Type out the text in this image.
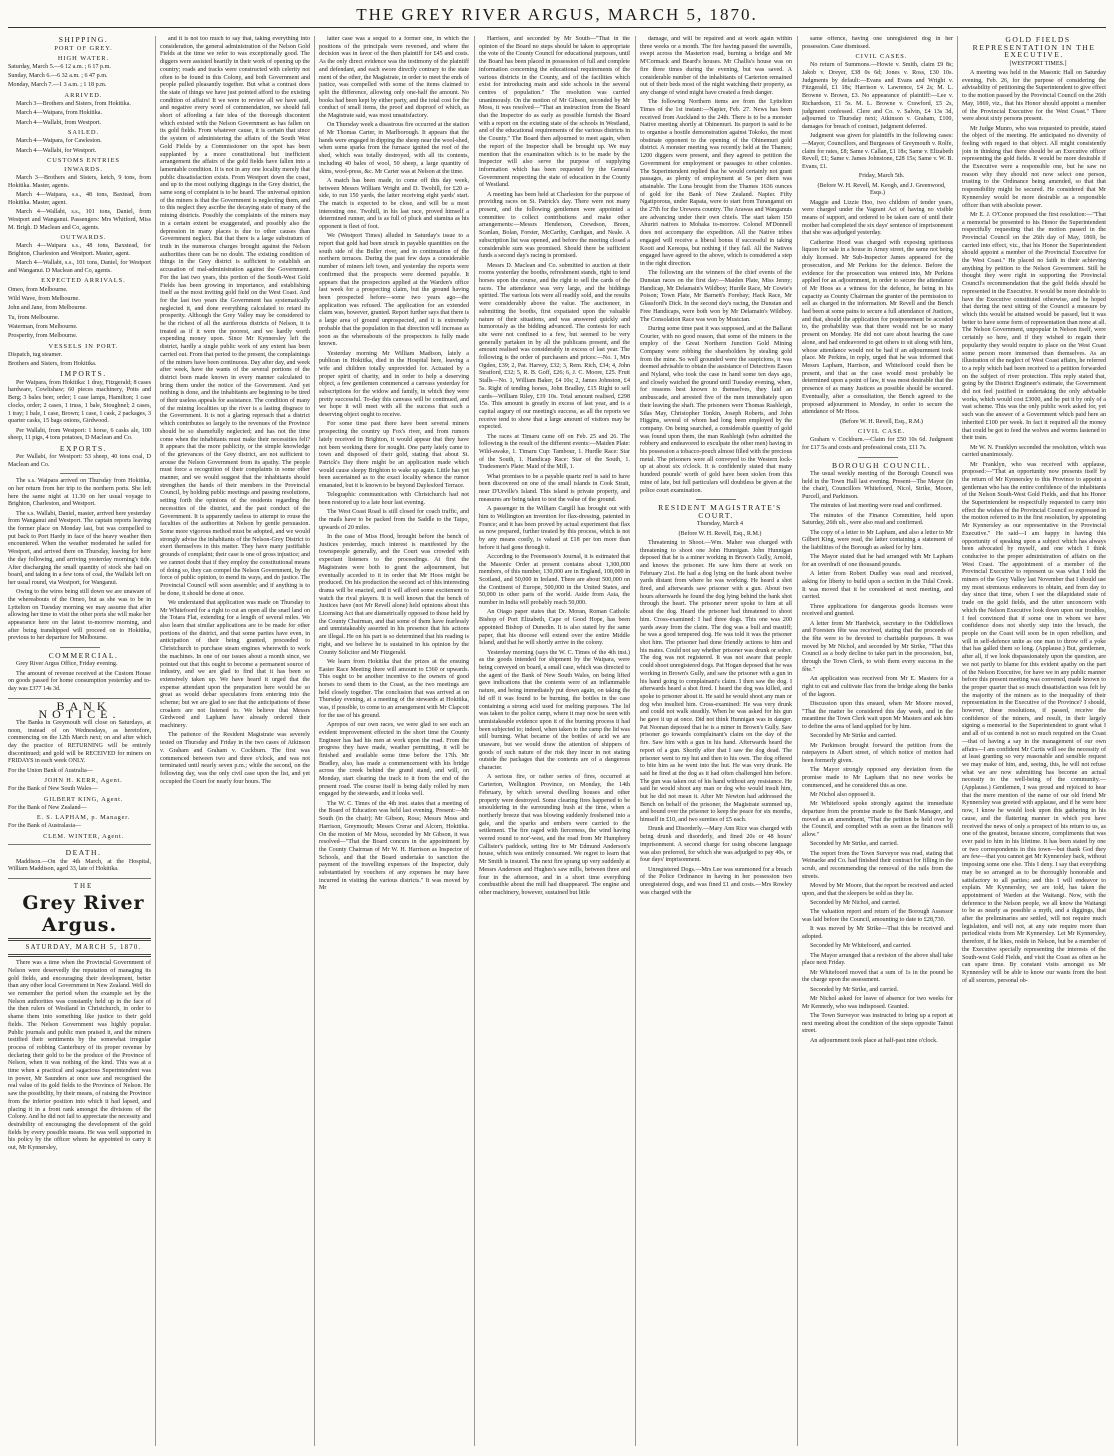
THE GREY RIVER ARGUS, MARCH 5, 1870.

SHIPPING.

PORT OF GREY.

HIGH WATER.

Saturday, March 5.—6 12 a.m. ; 6 17 p.m.

Sunday, March 6.—6 32 a.m. ; 6 47 p.m.

Monday, March 7.—1 3 a.m. ; 1 18 p.m.

ARRIVED.

March 3—Brothers and Sisters, from Hokitika.

March 4—Waipara, from Hokitika.

March 4—Wallabi, from Westport.

SAILED.

March 4—Waipara, for Cawleston.

March 4—Wallabi, for Westport.

CUSTOMS ENTRIES

INWARDS.

March 3—Brothers and Sisters, ketch, 9 tons, from Hokitika. Master, agents.

March 4—Waipara, s.s., 48 tons, Baxtead, from Hokitika. Master, agent.

March 4—Wallabi, s.s., 101 tons, Daniel, from Westport and Wanganui. Passengers: Mrs Whitford, Miss M. Brigh. D Maclean and Co, agents.

OUTWARDS.

March 4—Waipara s.s., 48 tons, Baxstead, for Brighton, Charleston and Westport. Master, agent.

March 4—Wallabi, s.s., 101 tons, Daniel, for Westport and Wanganui. D Maclean and Co, agents.

EXPECTED ARRIVALS.

Omeo, from Melbourne.

Wild Wave, from Melbourne.

John and Jane, from Melbourne.

Tu, from Melbourne.

Waterman, from Melbourne.

Prosperity, from Melbourne.

VESSELS IN PORT.

Dispatch, tug steamer.

Brothers and Sisters, from Hokitika.

IMPORTS.

Per Waipara, from Hokitika: 1 dray, Fitzgerald; 8 cases hardware, Cowlishaw; 60 pieces machinery, Potts and Berg; 3 bales beer, order; 1 case lamps, Hamilton; 1 case clocks, order; 2 cases, 1 truss, 1 bale, Stoughnel; 2 cases, 1 tray; 1 bale, 1 case, Brown; 1 case, 1 cask, 2 packages, 3 quarter casks, 15 bags onions, Girdwood.

Per Wallabi, from Westport: 1 horse, 6 casks ale, 100 sheep, 11 pigs, 4 tons potatoes, D Maclean and Co.

EXPORTS.

Per Wallabi, for Westport: 53 sheep, 40 tons coal, D Maclean and Co.

The s.s. Waipara arrived on Thursday from Hokitika, on her return from her trip to the northern ports. She left here the same night at 11.30 on her usual voyage to Brighton, Charleston, and Westport.

The s.s. Wallabi, Daniel, master, arrived here yesterday from Wanganui and Westport. The captain reports leaving the former place on Monday last, but was compelled to put back to Port Hardy in face of the heavy weather then encountered. When the weather moderated he sailed for Westport, and arrived there on Thursday, leaving for here the day following, and arriving yesterday morning's tide. After discharging the small quantity of stock she had on board, and taking in a few tons of coal, the Wallabi left on her usual round, via Westport, for Wanganui.

Owing to the wires being still down we are unaware of the whereabouts of the Omeo, but as she was to be in Lyttelton on Tuesday morning we may assume that after allowing her time to visit the other ports she will make her appearance here on the latest to-morrow morning, and after being transhipped will proceed on to Hokitika, previous to her departure for Melbourne.

COMMERCIAL.

Grey River Argus Office, Friday evening.

The amount of revenue received at the Custom House on goods passed for home consumption yesterday and to-day was £377 14s 3d.

BANK NOTICE.

The Banks in Greymouth will close on Saturdays, at noon, instead of on Wednesdays, as heretofore, commencing on the 12th March next; on and after which day the practice of RETURNING will be entirely discontinued; and gold will be RECEIVED for miners on FRIDAYS in each week ONLY.

For the Union Bank of Australia—

JOHN H. KERR, Agent.

For the Bank of New South Wales—

GILBERT KING, Agent.

For the Bank of New Zealand—

E. S. LAPHAM, p. Manager.

For the Bank of Australasia—

CLEM. WINTER, Agent.

DEATH.

Maddison.—On the 4th March, at the Hospital, William Maddison, aged 33, late of Hokitika.

THE

Grey River Argus.

SATURDAY, MARCH 5, 1870.

There was a time when the Provincial Government of Nelson were deservedly the reputation of managing its gold fields, and encouraging their development, better than any other local Government in New Zealand. Well do we remember the period when the example set by the Nelson authorities was constantly held up in the face of the then rulers of Westland in Christchurch, in order to shame them into something like justice to their gold fields. The Nelson Government was highly popular. Public journals and public men praised it, and the miners testified their sentiments by the somewhat irregular process of robbing Canterbury of its proper revenue by declaring their gold to be the produce of the Province of Nelson, when it was nothing of the kind. This was at a time when a practical and sagacious Superintendent was in power, Mr Saunders at once saw and recognised the real value of its gold fields to the Province of Nelson. He saw the possibility, by their means, of raising the Province from the inferior position into which it had lapsed, and placing it in a front rank amongst the divisions of the Colony. And he did not fail to appreciate the necessity and desirability of encouraging the development of the gold fields by every possible means. He was well supported in his policy by the officer whom he appointed to carry it out, Mr Kynnersley,

and it is not too much to say that, taking everything into consideration, the general administration of the Nelson Gold Fields at the time we refer to was exceptionally good. The diggers were assisted heartily in their work of opening up the country; roads and tracks were constructed with celerity not often to be found in this Colony, and both Government and people pulled pleasantly together. But what a contrast does the state of things we have just pointed afford to the existing condition of affairs! It we were to review all we have said, and negative every word of commendation, we should fall short of affording a fair idea of the thorough discontent which existed with the Nelson Government as has fallen on its gold fields. From whatever cause, it is certain that since the system of administering the affairs of the South West Gold Fields by a Commissioner on the spot has been supplanted by a more constitutional but inefficient arrangement the affairs of the gold fields have fallen into a lamentable condition. It is not in any one locality merely that public dissatisfaction exists. From Westport down the coast, and up to the most outlying diggings in the Grey district, the same song of complaint is to be heard. The universal opinion of the miners is that the Government is neglecting them, and to this neglect they ascribe the decaying state of many of the mining districts. Possibly the complaints of the miners may in a certain extent be exaggerated, and possibly also the depression in many places is due to other causes than Government neglect. But that there is a large substratum of truth in the numerous charges brought against the Nelson authorities there can be no doubt. The existing condition of things in the Grey district is sufficient to establish an accusation of mal-administration against the Government. For the last two years, this portion of the South-West Gold Fields has been growing in importance, and establishing itself as the most inviting gold field on the West Coast. And for the last two years the Government has systematically neglected it, and done everything calculated to retard its prosperity. Although the Grey Valley may be considered to be the richest of all the auriferous districts of Nelson, it is treated as if it were the poorest, and we hardly worth expending money upon. Since Mr Kynnersley left the district, hardly a single public work of any extent has been carried out. From that period to the present, the complainings of the miners have been continuous. Day after day, and week after week, have the wants of the several portions of the district been made known in every manner calculated to bring them under the notice of the Government. And yet nothing is done, and the inhabitants are beginning to be tired of their useless appeals for assistance. The condition of many of the mining localities up the river is a lasting disgrace to the Government. It is not a glaring reproach that a district which contributes so largely to the revenues of the Province should be so shamefully neglected; and has not the time come when the inhabitants must make their necessities felt? It appears that the more publicity, or the simple knowledge of the grievances of the Grey district, are not sufficient to arouse the Nelson Government from its apathy. The people must force a recognition of their complaints in some other manner, and we would suggest that the inhabitants should strengthen the hands of their members in the Provincial Council, by holding public meetings and passing resolutions, setting forth the opinions of the residents regarding the necessities of the district, and the past conduct of the Government. It is apparently useless to attempt to rouse the faculties of the authorities at Nelson by gentle persuasion. Some more vigorous method must be adopted, and we would strongly advise the inhabitants of the Nelson-Grey District to exert themselves in this matter. They have many justifiable grounds of complaint; their case is one of gross injustice; and we cannot doubt that if they employ the constitutional means of doing so, they can compel the Nelson Government, by the force of public opinion, to mend its ways, and do justice. The Provincial Council will soon assemble; and if anything is to be done, it should be done at once.

We understand that application was made on Thursday to Mr Whitefoord for a right to cut an open all the snarl land on the Totara Flat, extending for a length of several miles. We also learn that similar applications are to be made for other portions of the district, and that some parties have even, in anticipation of their being granted, proceeded to Christchurch to purchase steam engines wherewith to work the machines. In one of our issues about a month since, we pointed out that this ought to become a permanent source of industry, and we are glad to find that it has been so extensively taken up. We have heard it urged that the expense attendant upon the preparation here would be so great as would debar speculators from entering into the scheme; but we are glad to see that the anticipations of these croakers are not listened to. We believe that Messrs Girdwood and Lapham have already ordered their machinery.

The patience of the Resident Magistrate was severely tested on Thursday and Friday in the two cases of Atkinson v. Graham and Graham v. Cockburn. The first was commenced between two and three o'clock, and was not terminated until nearly seven p.m.; while the second, on the following day, was the only civil case upon the list, and yet occupied the Court for nearly four hours. The

latter case was a sequel to a former one, in which the positions of the principals were reversed, and where the decision was in favor of the then plaintiff for £45 and costs. As the only direct evidence was the testimony of the plaintiff and defendant, and each swore directly contrary to the state ment of the other, the Magistrate, in order to meet the ends of justice, was compelled with some of the items claimed to split the difference, allowing only one-half the amount. No books had been kept by either party, and the total cost for the conduct of small items, the proof and disproof of which, as the Magistrate said, was most unsatisfactory.

On Thursday week a disastrous fire occurred at the station of Mr Thomas Carter, in Marlborough. It appears that the hands were engaged in dipping the sheep near the wool-shed, when some sparks from the furnace ignited the roof of the shed, which was totally destroyed, with all its contents, including 40 bales of wool, 50 sheep, a large quantity of skins, wool-press, &c. Mr Carter was at Nelson at the time.

A match has been made, to come off this day week, between Messrs William Wright and D. Twohill, for £20 a-side, to run 150 yards, the latter receiving eight yards' start. The match is expected to be close, and will be a most interesting one. Twohill, in his last race, proved himself a determined runner, and is as full of pluck and stamina as his opponent is fleet of foot.

We (Westport Times) alluded in Saturday's issue to a report that gold had been struck in payable quantities on the south side of the Buller river, and in continuation of the northern terraces. During the past few days a considerable number of miners left town, and yesterday the reports were confirmed that the prospects were deemed payable. It appears that the prospectors applied at the Warden's office last week for a prospecting claim, but the ground having been prospected before—some two years ago—the application was refused. The application for an extended claim was, however, granted. Report further says that there is a large area of ground unprospected, and it is extremely probable that the population in that direction will increase as soon as the whereabouts of the prospectors is fully made known.

Yesterday morning Mr William Madison, lately a publican in Hokitika, died in the Hospital here, leaving a wife and children totally unprovided for. Actuated by a proper spirit of charity, and in order to help a deserving object, a few gentlemen commenced a canvass yesterday for subscriptions for the widow and family, in which they were pretty successful. To-day this canvass will be continued, and we hope it will meet with all the success that such a deserving object ought to receive.

For some time past there have been several miners prospecting the country up Fox's river, and from rumors lately received in Brighton, it would appear that they have not been working there for nought. One party lately came to town and disposed of their gold, stating that about St. Patrick's Day there might be an application made which would cause sleepy Brighton to wake up again. Little has yet been ascertained as to the exact locality whence the rumor emanated, but it is known to be beyond Daylesford Terrace.

Telegraphic communication with Christchurch had not been restored up to a late hour last evening.

The West Coast Road is still closed for coach traffic, and the mails have to be packed from the Saddle to the Taipo, upwards of 20 miles.

In the case of Miss Hood, brought before the bench of Justices yesterday, much interest is manifested by the townspeople generally, and the Court was crowded with expectant listeners to the proceedings. At first the Magistrates were both to grant the adjournment, but eventually acceded to it in order that Mr Hoos might be produced. On his production the second act of this interesting drama will be enacted, and it will afford some excitement to watch the rival players. It is well known that the bench of Justices have (not Mr Revell alone) held opinions about this Licensing Act that are diametrically opposed to those held by the County Chairman, and that some of them have fearlessly and unmistakeably asserted in his presence that his actions are illegal. He on his part is so determined that his reading is right, and we believe he is sustained in his opinion by the County Solicitor and Mr Fitzgerald.

We learn from Hokitika that the prizes at the ensuing Easter Race Meeting there will amount to £360 or upwards. This ought to be another incentive to the owners of good horses to send them to the Coast, as the two meetings are held closely together. The conclusion that was arrived at on Thursday evening, at a meeting of the stewards at Hokitika, was, if possible, to come to an arrangement with Mr Clapcott for the use of his ground.

Apropos of our own races, we were glad to see such an evident improvement effected in the short time the County Engineer has had his men at work upon the road. From the progress they have made, weather permitting, it will be finished and available some time before the 17th. Mr Bradley, also, has made a commencement with his bridge across the creek behind the grand stand, and will, on Monday, start clearing the track to it from the end of the present road. The course itself is being daily rolled by men engaged by the stewards, and it looks well.

The W. C. Times of the 4th inst. states that a meeting of the Board of Education was held last evening. Present:—Mr South (in the chair); Mr Gibson, Ross; Messrs Moss and Harrison, Greymouth; Messrs Crerar and Alcorn, Hokitika. On the motion of Mr Moss, seconded by Mr Gibson, it was resolved—"That the Board concurs in the appointment by the County Chairman of Mr W. H. Harrison as Inspector of Schools, and that the Board undertake to sanction the payment of the travelling expenses of the Inspector, duly substantiated by vouchers of any expenses he may have incurred in visiting the various districts." It was moved by Mr

Harrison, and seconded by Mr South—"That in the opinion of the Board no steps should be taken to appropriate the vote of the County Council for educational purposes, until the Board has been placed in possession of full and complete information concerning the educational requirements of the various districts in the County, and of the facilities which exist for introducing main and side schools in the several centres of population." The resolution was carried unanimously. On the motion of Mr Gibson, seconded by Mr Moss, it was resolved—"That an instruction from the Board that the Inspector do as early as possible furnish the Board with a report on the existing state of the schools in Westland, and of the educational requirements of the various districts in the County." The Board then adjourned to meet again, when the report of the Inspector shall be brought up. We may mention that the examination which is to be made by the Inspector will also serve the purpose of supplying information which has been requested by the General Government respecting the state of education in the County of Westland.

A meeting has been held at Charleston for the purpose of providing races on St. Patrick's day. There were not many present, and the following gentlemen were appointed a committee to collect contributions and make other arrangements:—Messrs Henderson, Crewdson, Breen, Scanlan, Bolan, Forster, McCarthy, Cardigan, and Neale. A subscription list was opened, and before the meeting closed a considerable sum was promised. Should there be sufficient funds a second day's racing is promised.

Messrs D. Maclean and Co. submitted to auction at their rooms yesterday the booths, refreshment stands, right to tend horses upon the course, and the right to sell the cards of the races. The attendance was very large, and the biddings spirited. The various lots were all readily sold, and the results were considerably above the value. The auctioneer, in submitting the booths, first expatiated upon the valuable nature of their situations, and was answered quickly and humorously as the bidding advanced. The contests for each site were not confined to a few, but seemed to be very generally partaken in by all the publicans present, and the amount realised was considerably in excess of last year. The following is the order of purchasers and prices:—No. 1, Mrs Ogden, £39; 2, Pat. Harvey, £32; 3, Rem. Rich, £34; 4, John Stratford, £32; 5, R. B. Goff, £26; 6, J. C. Moore, £25. Fruit Stalls—No. 1, William Baker, £4 10s; 2, James Johnston, £4 5s. Right of tending horses, John Bradley, £15 Right to sell cards—William Riley, £19 10s. Total amount realised, £298 15s. This amount is greatly in excess of last year, and is a capital augury of our meeting's success, as all the reports we receive tend to show that a large amount of visitors may be expected.

The races at Timaru came off on Feb. 25 and 26. The following is the result of the different events:—Maiden Plate: Wild-awake, 1. Timaru Cup: Tambour, 1. Hurdle Race: Star of the South, 1. Handicap Race: Star of the South, 1. Tradesmen's Plate: Maid of the Mill, 1.

What promises to be a payable quartz reef is said to have been discovered on one of the small islands in Cook Strait, near D'Urville's Island. This island is private property, and measures are being taken to test the value of the ground.

A passenger in the William Cargill has brought out with him to Wellington an invention for flax-dressing, patented in France; and it has been proved by actual experiment that flax as now prepared, further treated by this process, which is not by any means costly, is valued at £18 per ton more than before it had gone through it.

According to the Freemason's Journal, it is estimated that the Masonic Order at present contains about 1,300,000 members, of this number, 130,000 are in England, 100,000 in Scotland, and 50,000 in Ireland. There are about 500,000 on the Continent of Europe, 500,000 in the United States, and 50,000 in other parts of the world. Aside from Asia, the number in India will probably reach 50,000.

An Otago paper states that Dr. Moran, Roman Catholic Bishop of Port Elizabeth, Cape of Good Hope, has been appointed Bishop of Dunedin. It is also stated by the same paper, that his diocese will extend over the entire Middle Island, and that he will shortly arrive in the colony.

Yesterday morning (says the W. C. Times of the 4th inst.) as the goods intended for shipment by the Waipara, were being conveyed on board, a small case, which was directed to the agent of the Bank of New South Wales, on being lifted gave indications that the contents were of an inflammable nature, and being immediately put down again, on taking the lid off it was found to be burning, the bottles in the case containing a strong acid used for melting purposes. The lid was taken to the police camp, where it may now be seen with unmistakeable evidence upon it of the burning process it had been subjected to; indeed, when taken to the camp the lid was still burning. What became of the bottles of acid we are unaware, but we would draw the attention of shippers of goods of such nature of the risk they incur in not stating outside the packages that the contents are of a dangerous character.

A serious fire, or rather series of fires, occurred at Carterton, Wellington Province, on Monday, the 14th February, by which several dwelling houses and other property were destroyed. Some clearing fires happened to be smouldering in the surrounding bush at the time, when a northerly breeze that was blowing suddenly freshened into a gale, and the sparks and embers were carried to the settlement. The fire raged with fierceness, the wind having veered round to nor'-west, and the road from Mr Humphrey Callister's paddock, setting fire to Mr Edmund Anderson's house, which was entirely consumed. We regret to learn that Mr Smith is insured. The next fire sprang up very suddenly at Messrs Anderson and Hughes's saw mills, between three and four in the afternoon, and in a short time everything combustible about the mill had disappeared. The engine and other machinery, however, sustained but little

damage, and will be repaired and at work again within three weeks or a month. The fire having passed the sawmills, swept across the Masterton road, burning a bridge and Mr M'Cormack and Beard's houses. Mr Challis's house was on fire three times during the evening, but was saved. A considerable number of the inhabitants of Carterton remained out of their beds most of the night watching their property, as any change of wind might have created a fresh danger.

The following Northern items are from the Lyttelton Times of the 1st instant:—Napier, Feb. 27. News has been received from Auckland to the 24th. There is to be a monster Native meeting shortly at Ohinemuri. Its purport is said to be to organise a hostile demonstration against Tokoko, the most obstinate opponent to the opening of the Ohinemuri gold district. A monster meeting was recently held at the Thames; 1200 diggers were present, and they agreed to petition the Government for employment or passages to other colonies. The Superintendent replied that he would certainly not grant passages, as plenty of employment at 5s per diem was attainable. The Luna brought from the Thames 1636 ounces of gold for the Bank of New Zealand. Napier. Fifty Ngatiporous, under Rapata, were to start from Turanganui on the 27th for the Urewera country. The Arawas and Wanganuis are advancing under their own chiefs. The start taken 150 Ahuriri natives to Mohaka to-morrow. Colonel M'Donnell does not accompany the expedition. All the Native tribes engaged will receive a liberal bonus if successful in taking Kooti and Kereopa, but nothing if they fail. All the Natives engaged have agreed to the above, which is considered a step in the right direction.

The following are the winners of the chief events of the Dunstan races on the first day:—Maiden Plate, Miss Jenny; Handicap, Mr Delamain's Wildboy; Hurdle Race, Mr Cowie's Poison; Town Plate, Mr Barnett's Forebay; Hack Race, Mr Glassford's Dick. In the second day's racing, the Dunstan and Free Handicaps, were both won by Mr Delamain's Wildboy. The Consolation Race was won by Musician.

During some time past it was supposed, and at the Ballarat Courier, with no good reason, that some of the miners in the employ of the Great Northern Junction Gold Mining Company were robbing the shareholders by stealing gold from the mine. So well grounded were the suspicions, it was deemed advisable to obtain the assistance of Detectives Eason and Nyland, who took the case in hand some ten days ago, and closely watched the ground until Tuesday evening, when, for reasons best known to themselves, they laid an ambuscade, and arrested five of the men immediately upon their leaving the shaft. The prisoners were Thomas Rashleigh, Silas May, Christopher Tonkin, Joseph Roberts, and John Higgins, several of whom had long been employed by the company. On being searched, a considerable quantity of gold was found upon them, the man Rashleigh (who admitted the robbery and endeavored to exculpate the other men) having in his possession a tobacco-pouch almost filled with the precious metal. The prisoners were all conveyed to the Western lock-up at about six o'clock. It is confidently stated that many hundred pounds' worth of gold have been stolen from this mine of late, but full particulars will doubtless be given at the police court examination.

RESIDENT MAGISTRATE'S COURT.

Thursday, March 4

(Before W. H. Revell, Esq., R.M.)

Threatening to Shoot.—Wm. Maher was charged with threatening to shoot one John Hunnigan. John Hunnigan deposed that he is a miner working in Brown's Gully, Arnold, and knows the prisoner. He saw him there at work on February 21st. He had a dog lying on the bank about twelve yards distant from where he was working. He heard a shot fired, and afterwards saw prisoner with a gun. About two hours afterwards he found the dog lying behind the bank shot through the heart. The prisoner never spoke to him at all about the dog. Heard the prisoner had threatened to shoot him. Cross-examined: I had three dogs. This one was 200 yards away from the claim. The dog was a bull and mastiff; he was a good tempered dog. He was told it was the prisoner shot him. The prisoner had done friendly actions to him and his mates. Could not say whether prisoner was drunk or sober. The dog was not registered. It was not aware that people could shoot unregistered dogs. Pat Hogan deposed that he was working in Brown's Gully, and saw the prisoner with a gun in his hand going to complainant's claim. I then saw the dog. I afterwards heard a shot fired. I heard the dog was killed, and spoke to prisoner about it. He said he would shoot any man or dog who insulted him. Cross-examined: He was very drunk and could not walk steadily. When he was asked for his gun he gave it up at once. Did not think Hunnigan was in danger. Pat Noonan deposed that he is a miner in Brown's Gully. Saw prisoner go towards complainant's claim on the day of the fire. Saw him with a gun in his hand. Afterwards heard the report of a gun. Shortly after that I saw the dog dead. The prisoner went to my hut and then to his own. The dog offered to bite him as he went into the hut. He was very drunk. He said he fired at the dog as it had often challenged him before. The gun was taken out of his hand without any resistance. He said he would shoot any man or dog who would insult him, but he did not mean it. After Mr Newton had addressed the Bench on behalf of the prisoner, the Magistrate summed up, and bound over the prisoner to keep the peace for six months, himself in £10, and two sureties of £5 each.

Drunk and Disorderly.—Mary Ann Rice was charged with being drunk and disorderly, and fined 20s or 48 hours' imprisonment. A second charge for using obscene language was also preferred, for which she was adjudged to pay 40s, or four days' imprisonment.

Unregistered Dogs.—Mrs Lee was summoned for a breach of the Police Ordinance in having in her possession two unregistered dogs, and was fined £1 and costs.—Mrs Rowley was charged with the

same offence, having one unregistered dog in her possession. Case dismissed.

CIVIL CASES.

No return of Summons.—Howie v. Smith, claim £9 8s; Jakob v. Dreyer, £38 0s 6d; Jones v. Ross, £30 10s. Judgments by default:—Evans and Evans and Wright v. Fitzgerald, £1 18s; Harrison v. Lawrence, £4 2s; M. L. Browne v. Brown, £3. No appearance of plaintiff:—Lee v. Richardson, £1 5s. M. L. Browne v. Crawford, £5 2s, judgment confessed. Clere and Co. v. Salvin, £4 13s 3d, adjourned to Thursday next; Atkinson v. Graham, £100, damages for breach of contract, judgment deferred.

Judgment was given for plaintiffs in the following cases:—Mayor, Councillors, and Burgesses of Greymouth v. Rolfe, claim for rates, £8; Same v. Callan, £1 18s; Same v. Elizabeth Revell, £1; Same v. James Johnstone, £28 15s; Same v. W. B. Evans, £1.

Friday, March 5th.

(Before W. H. Revell, M. Keogh, and J. Greenwood, Esqs.)

Maggie and Lizzie Hoo, two children of tender years, were charged under the Vagrant Act of having no visible means of support, and ordered to be taken care of until their mother had completed the six days' sentence of imprisonment that she was adjudged yesterday.

Catherine Hood was charged with exposing spirituous liquors for sale in a house in Arney street, the same not being duly licensed. Mr Sub-Inspector James appeared for the prosecution, and Mr Perkins for the defence. Before the evidence for the prosecution was entered into, Mr Perkins applied for an adjournment, in order to secure the attendance of Mr Hoos as a witness for the defence, he being in his capacity as County Chairman the granter of the permission to sell as charged in the information. Mr Revell and the Bench had been at some pains to secure a full attendance of Justices, and that, should the application for postponement be acceded to, the probability was that there would not be so many present on Monday. He did not care about hearing the case alone, and had endeavored to get others to sit along with him, whose attendance would not be had if an adjournment took place. Mr Perkins, in reply, urged that he was informed that Messrs Lapham, Harrison, and Whitefoord could then be present, and that as the case would most probably be determined upon a point of law, it was most desirable that the presence of as many Justices as possible should be secured. Eventually, after a consultation, the Bench agreed to the proposed adjournment to Monday, in order to secure the attendance of Mr Hoos.

(Before W. H. Revell, Esq., R.M.)

CIVIL CASE.

Graham v. Cockburn.—Claim for £50 10s 6d. Judgment for £17 5s and costs and professional costs, £11 7s.

BOROUGH COUNCIL.

The usual weekly meeting of the Borough Council was held in the Town Hall last evening. Present—The Mayor (in the chair), Councillors Whitefoord, Nicol, Strike, Moore, Purcell, and Parkinson.

The minutes of last meeting were read and confirmed.

The minutes of the Finance Committee, held upon Saturday, 26th ult., were also read and confirmed.

The copy of a letter to Mr Lapham, and also a letter to Mr Gilbert King, were read, the latter containing a statement of the liabilities of the Borough as asked for by him.

The Mayor stated that he had arranged with Mr Lapham for an overdraft of one thousand pounds.

A letter from Robert Dudley was read and received, asking for liberty to build upon a section in the Tidal Creek. It was moved that it be considered at next meeting, and carried.

Three applications for dangerous goods licenses were received and granted.

A letter from Mr Hardwick, secretary to the Oddfellows and Foresters fête was received, stating that the proceeds of the fête were to be devoted to charitable purposes. It was moved by Mr Nichol, and seconded by Mr Strike, "That this Council as a body decline to take part in the procession, but, through the Town Clerk, to wish them every success in the fête."

An application was received from Mr E. Masters for a right to cut and cultivate flax from the bridge along the banks of the lagoon.

Discussion upon this ensued, when Mr Moore moved, "That the matter be considered this day week, and in the meantime the Town Clerk wait upon Mr Masters and ask him to define the area of land applied for by him.

Seconded by Mr Strike and carried.

Mr Parkinson brought forward the petition from the ratepayers in Albert street, of which notice of motion had been formerly given.

The Mayor strongly opposed any deviation from the promise made to Mr Lapham that no new works be commenced, and he considered this as one.

Mr Nichol also opposed it.

Mr Whitefoord spoke strongly against the immediate departure from the promise made to the Bank Manager, and moved as an amendment, "That the petition be held over by the Council, and complied with as soon as the finances will allow."

Seconded by Mr Strike, and carried.

The report from the Town Surveyor was read, stating that Weinacke and Co. had finished their contract for filling in the scrub, and recommending the removal of the rails from the streets.

Moved by Mr Moore, that the report be received and acted upon, and that the sleepers be sold as they lie.

Seconded by Mr Nichol, and carried.

The valuation report and return of the Borough Assessor was laid before the Council, amounting to date to £28,730.

It was moved by Mr Strike—That this be received and adopted.

Seconded by Mr Whitefoord, and carried.

The Mayor arranged that a revision of the above shall take place next Friday.

Mr Whitefoord moved that a sum of 1s in the pound be the charge upon the assessment.

Seconded by Mr Strike, and carried.

Mr Nichol asked for leave of absence for two weeks for Mr Kennedy, who was indisposed. Granted.

The Town Surveyor was instructed to bring up a report at next meeting about the condition of the steps opposite Tainui street.

An adjournment took place at half-past nine o'clock.

GOLD FIELDS REPRESENTATION IN THE EXECUTIVE.

[WESTPORT TIMES.]

A meeting was held in the Masonic Hall on Saturday evening, Feb. 26, for the purpose of considering the advisability of petitioning the Superintendent to give effect to the motion passed by the Provincial Council on the 26th May, 1869, viz., that his Honor should appoint a member of the Provincial Executive for the West Coast." There were about sixty persons present.

Mr Judge Munro, who was requested to preside, stated the object of the meeting. He anticipated no diversity of feeling with regard to that object. All might consistently join in thinking that there should be an Executive officer representing the gold fields. It would be more desirable if the Executive were a responsible one, but he saw no reason why they should not now select one person, trusting to the Ordinance being amended, so that that responsibility might be secured. He considered that Mr Kynnersley would be more desirable as a responsible officer than with absolute power.

Mr E. J. O'Conor proposed the first resolution:—"That a memorial be presented to his Honor the Superintendent respectfully requesting that the motion passed in the Provincial Council on the 26th day of May, 1869, be carried into effect, viz., that his Honor the Superintendent should appoint a member of the Provincial Executive for the West Coast." He placed no faith in their achieving anything by petition to the Nelson Government. Still he thought they were right in supporting the Provincial Council's recommendation that the gold fields should be represented in the Executive. It would be more desirable to have the Executive constituted otherwise, and he hoped that during the next sitting of the Council a measure by which this would be attained would be passed, but it was better to have some form of representation than none at all. The Nelson Government, unpopular in Nelson itself, were certainly so here, and if they wished to regain their popularity they would require to place on the West Coast some person more immersed than themselves. As an illustration of the neglect of West Coast affairs, he referred to a reply which had been received to a petition forwarded on the subject of river protection. This reply stated that, going by the District Engineer's estimate, the Government did not feel justified in undertaking the only advisable works, which would cost £3000, and he put it by only of a vast scheme. This was the only public work asked for, yet such was the answer of a Government which paid here an inherited £100 per week. In fact it required all the money that could be got to feed the wolves and worms fastened to their train.

Mr W. N. Franklyn seconded the resolution, which was carried unanimously.

Mr Franklyn, who was received with applause, proposed:—"That an opportunity now presents itself by the return of Mr Kynnersley to this Province to appoint a gentleman who has the entire confidence of the inhabitants of the Nelson South-West Gold Fields, and that his Honor the Superintendent be respectfully requested to carry into effect the wishes of the Provincial Council so expressed in the motion referred to in the first resolution, by appointing Mr Kynnersley as our representative in the Provincial Executive." He said—I am happy in having this opportunity of speaking upon a subject which has always been advocated by myself, and one which I think conducive to the proper administration of affairs on the West Coast. The appointment of a member of the Provincial Executive to represent us was what I told the miners of the Grey Valley last November that I should use my most strenuous endeavors to obtain, and from day to day since that time, when I see the dilapidated state of trade on the gold fields, and the utter unconcern with which the Nelson Executive look down upon our troubles, I feel convinced that if some one in whom we have confidence does not shortly step into the breach, the people on the Coast will soon be in open rebellion, and will in self-defence unite as one man to throw off a yoke that has galled them so long. (Applause.) But, gentlemen, after all, if we look dispassionately upon the question, are we not partly to blame for this evident apathy on the part of the Nelson Executive, for have we in any public manner before this present meeting was convened, made known to the proper quarter that so much dissatisfaction was felt by the majority of the miners as to the inequality of their representation in the Executive of the Province? I should, however, these resolutions, if passed, receive the confidence of the miners, and result, in their largely signing a memorial to the Superintendent to grant what I and all of us contend is not so much required on the Coast—that of having a say in the management of our own affairs—I am confident Mr Curtis will see the necessity of at least granting so very reasonable and sensible request we may make of him, and, seeing, this, he will not refuse what we are now submitting has become an actual necessity to the well-being of the community.—(Applause.) Gentlemen, I was proud and rejoiced to hear that the mere mention of the name of our old friend Mr Kynnersley was greeted with applause, and if he were here now, I know he would look upon this gathering in his cause, and the flattering manner in which you have received the news of only a prospect of his return to us, as one of the greatest, because sincere, compliments that was ever paid to him in his lifetime. It has been stated by one or two correspondents in this town—but thank God they are few—that you cannot get Mr Kynnersley back, without imposing some one else. This I deny. I say that everything may be so arranged as to be thoroughly honorable and satisfactory to all parties; and this I will endeavor to explain. Mr Kynnersley, we are told, has taken the appointment of Warden at the Waitangi. Now, with the deference to the Nelson people, we all know the Waitangi to be as nearly as possible a myth, and a diggings, that after the preliminaries are settled, will not require much legislation, and will not, at any rate require more than periodical visits from Mr Kynnersley. Let Mr Kynnersley, therefore, if he likes, reside in Nelson, but be a member of the Executive specially representing the interests of the South-west Gold Fields, and visit the Coast as often as he can spare time. By constant visits amongst us Mr Kynnersley will be able to know our wants from the best of all sources, personal ob-
